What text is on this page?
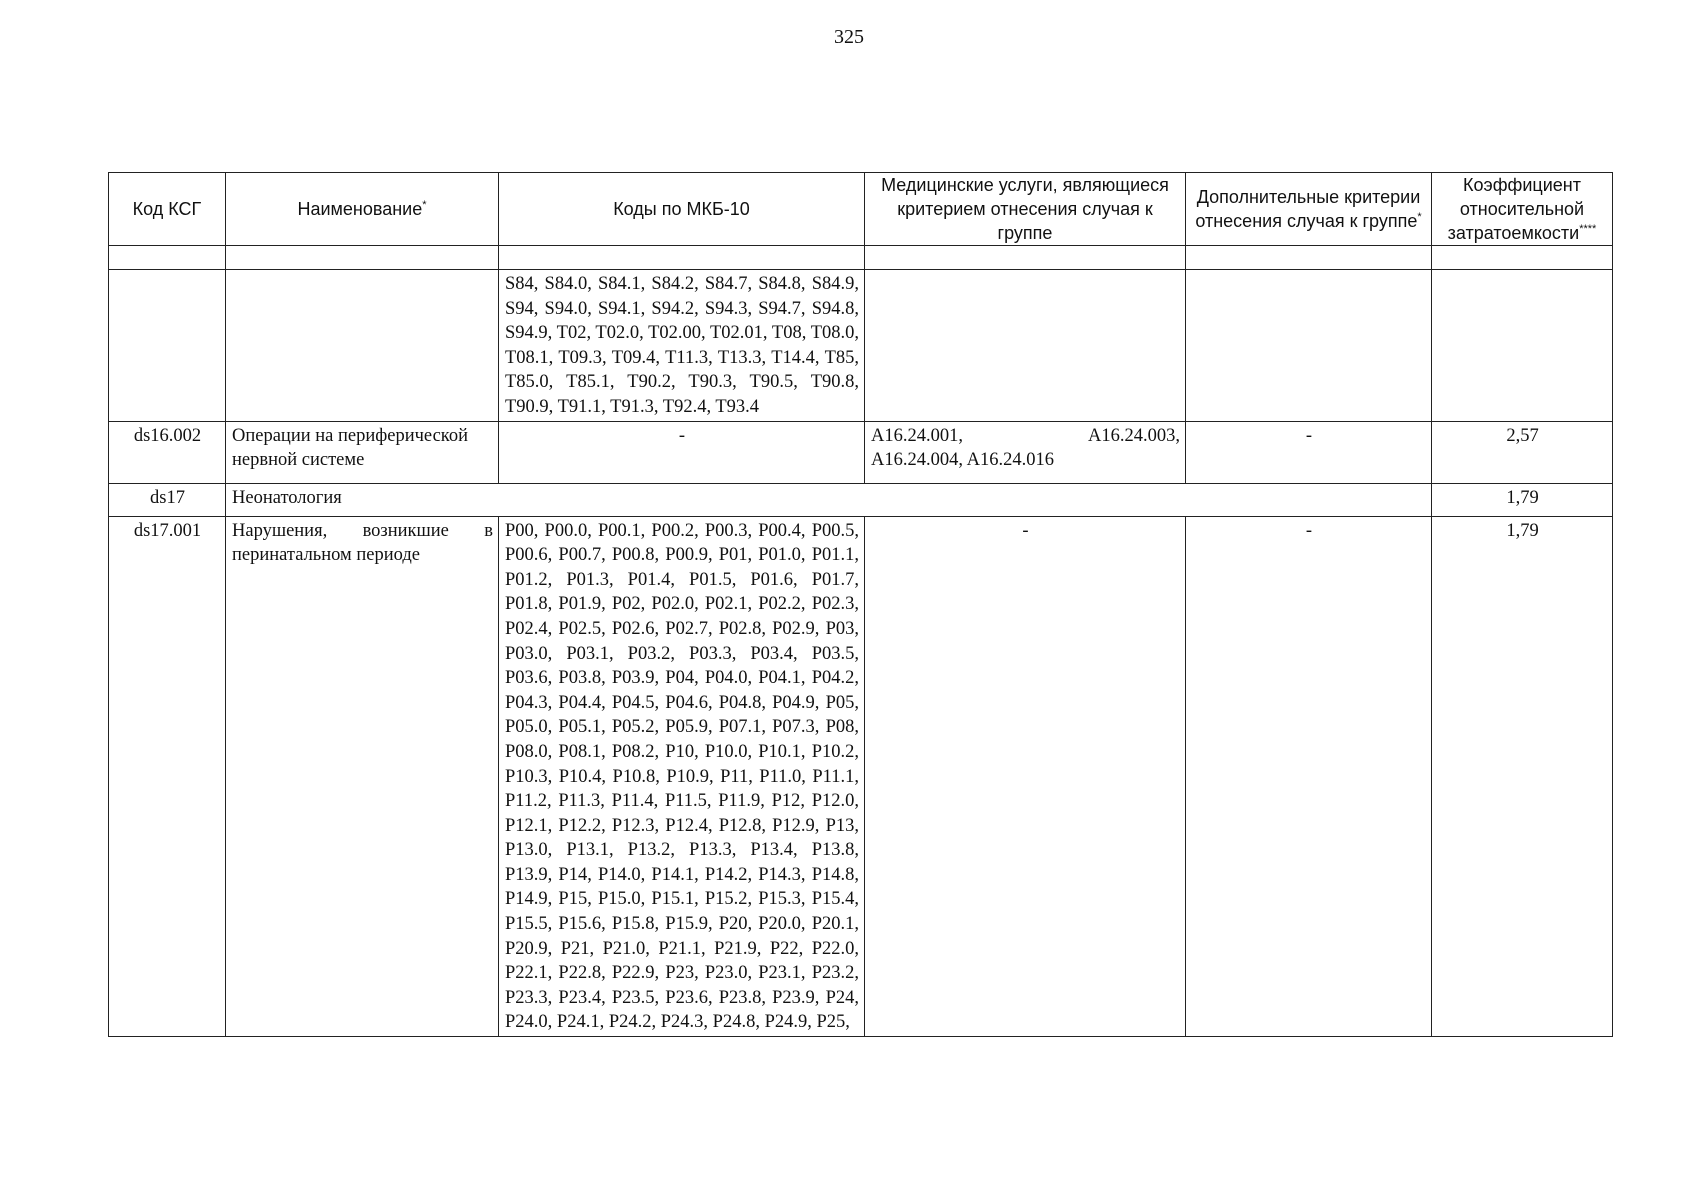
325
Код КСГ	Наименование*	Коды по МКБ-10	Медицинские услуги, являющиеся критерием отнесения случая к группе	Дополнительные критерии отнесения случая к группе*	Коэффициент относительной затратоемкости****

		S84, S84.0, S84.1, S84.2, S84.7, S84.8, S84.9, S94, S94.0, S94.1, S94.2, S94.3, S94.7, S94.8, S94.9, T02, T02.0, T02.00, T02.01, T08, T08.0, T08.1, T09.3, T09.4, T11.3, T13.3, T14.4, T85, T85.0, T85.1, T90.2, T90.3, T90.5, T90.8, T90.9, T91.1, T91.3, T92.4, T93.4			
ds16.002	Операции на периферической нервной системе	-	A16.24.001, A16.24.003,
A16.24.004, A16.24.016	-	2,57
ds17	Неонатология				1,79
ds17.001	Нарушения, возникшие в
перинатальном периоде	P00, P00.0, P00.1, P00.2, P00.3, P00.4, P00.5, P00.6, P00.7, P00.8, P00.9, P01, P01.0, P01.1, P01.2, P01.3, P01.4, P01.5, P01.6, P01.7, P01.8, P01.9, P02, P02.0, P02.1, P02.2, P02.3, P02.4, P02.5, P02.6, P02.7, P02.8, P02.9, P03, P03.0, P03.1, P03.2, P03.3, P03.4, P03.5, P03.6, P03.8, P03.9, P04, P04.0, P04.1, P04.2, P04.3, P04.4, P04.5, P04.6, P04.8, P04.9, P05, P05.0, P05.1, P05.2, P05.9, P07.1, P07.3, P08, P08.0, P08.1, P08.2, P10, P10.0, P10.1, P10.2, P10.3, P10.4, P10.8, P10.9, P11, P11.0, P11.1, P11.2, P11.3, P11.4, P11.5, P11.9, P12, P12.0, P12.1, P12.2, P12.3, P12.4, P12.8, P12.9, P13, P13.0, P13.1, P13.2, P13.3, P13.4, P13.8, P13.9, P14, P14.0, P14.1, P14.2, P14.3, P14.8, P14.9, P15, P15.0, P15.1, P15.2, P15.3, P15.4, P15.5, P15.6, P15.8, P15.9, P20, P20.0, P20.1, P20.9, P21, P21.0, P21.1, P21.9, P22, P22.0, P22.1, P22.8, P22.9, P23, P23.0, P23.1, P23.2, P23.3, P23.4, P23.5, P23.6, P23.8, P23.9, P24, P24.0, P24.1, P24.2, P24.3, P24.8, P24.9, P25,	-	-	1,79
